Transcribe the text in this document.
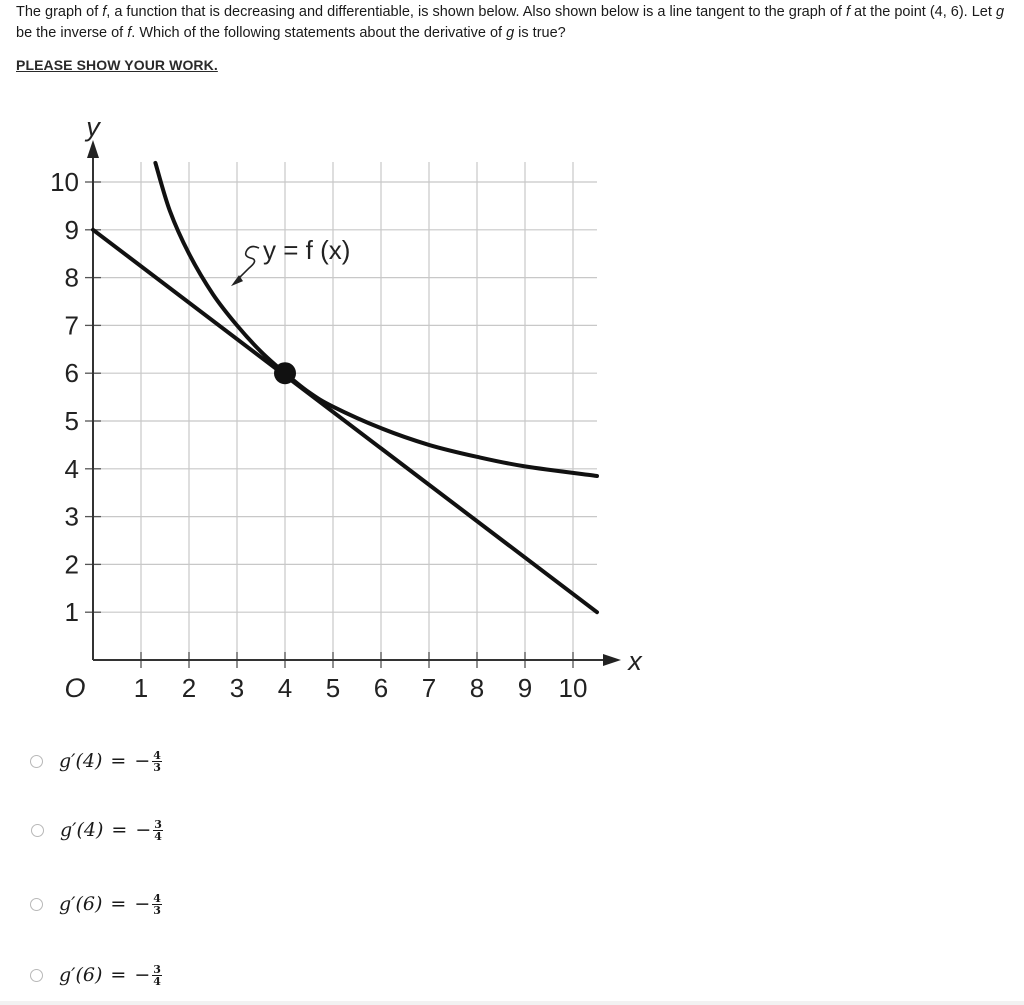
The graph of f, a function that is decreasing and differentiable, is shown below. Also shown below is a line tangent to the graph of f at the point (4, 6). Let g be the inverse of f. Which of the following statements about the derivative of g is true?

PLEASE SHOW YOUR WORK.
1 2 3 4 5 6 7 8 9 10
1
2
3
4
5
6
7
8
9
10
O
x
y
y = f (x)
g′(4) = − $\frac{4}{3}$
g′(4) = − $\frac{3}{4}$
g′(6) = − $\frac{4}{3}$
g′(6) = − $\frac{3}{4}$
